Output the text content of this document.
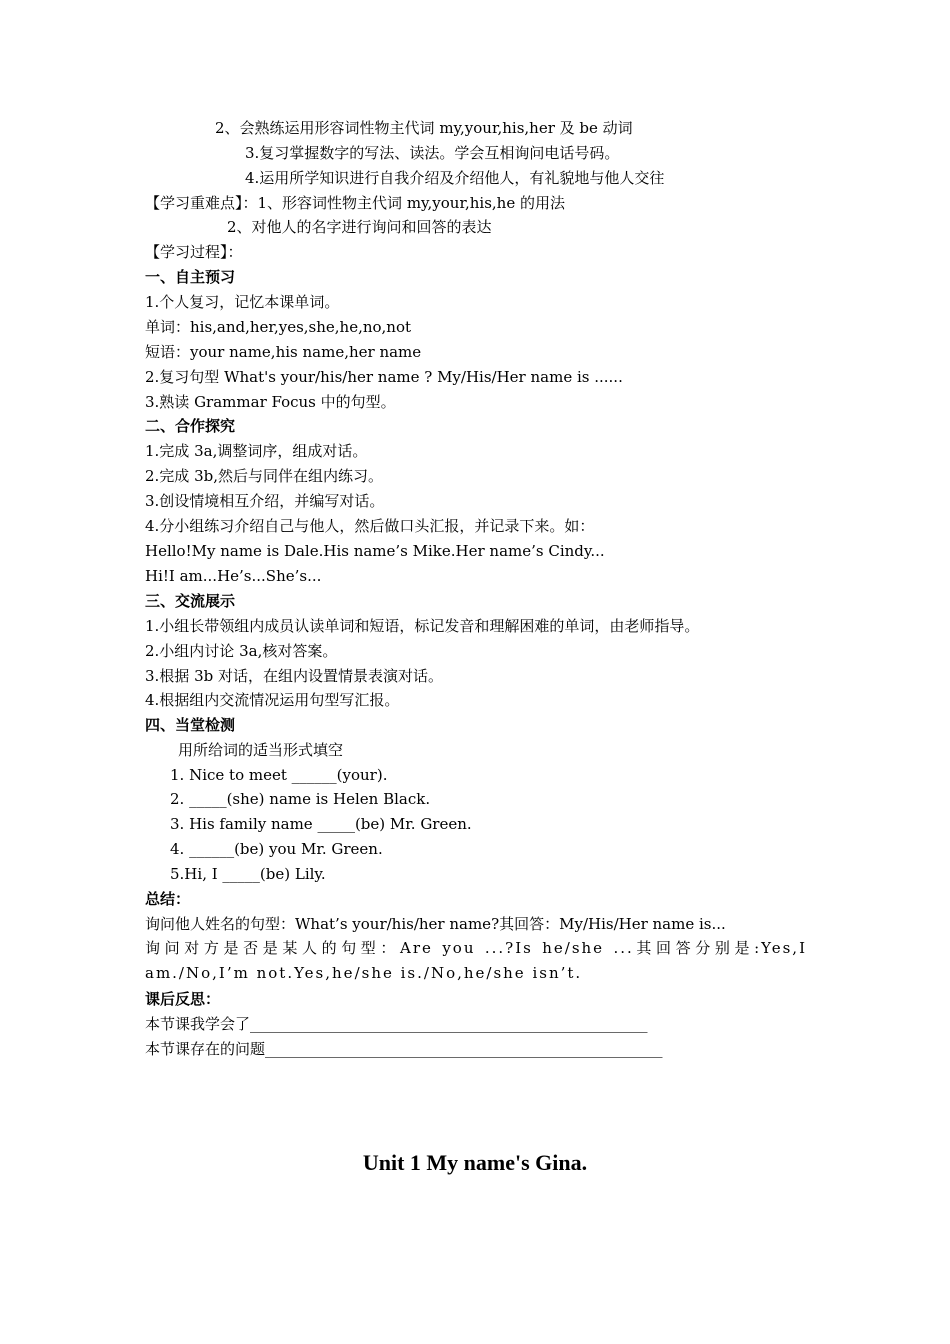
2、会熟练运用形容词性物主代词 my,your,his,her 及 be 动词
3.复习掌握数字的写法、读法。学会互相询问电话号码。
4.运用所学知识进行自我介绍及介绍他人，有礼貌地与他人交往
【学习重难点】：1、形容词性物主代词 my,your,his,he 的用法
2、对他人的名字进行询问和回答的表达
【学习过程】：
一、自主预习
1.个人复习，记忆本课单词。
单词：his,and,her,yes,she,he,no,not
短语：your name,his name,her name
2.复习句型 What's your/his/her name ? My/His/Her name is ......
3.熟读 Grammar Focus 中的句型。
二、合作探究
1.完成 3a,调整词序，组成对话。
2.完成 3b,然后与同伴在组内练习。
3.创设情境相互介绍，并编写对话。
4.分小组练习介绍自己与他人，然后做口头汇报，并记录下来。如：
Hello!My name is Dale.His name’s Mike.Her name’s Cindy...
Hi!I am...He’s...She’s...
三、交流展示
1.小组长带领组内成员认读单词和短语，标记发音和理解困难的单词，由老师指导。
2.小组内讨论 3a,核对答案。
3.根据 3b 对话，在组内设置情景表演对话。
4.根据组内交流情况运用句型写汇报。
四、当堂检测
用所给词的适当形式填空
1. Nice to meet ______(your).
2. _____(she) name is Helen Black.
3. His family name _____(be) Mr. Green.
4. ______(be) you Mr. Green.
5.Hi, I _____(be) Lily.
总结：
询问他人姓名的句型：What’s your/his/her name?其回答：My/His/Her name is...
询问对方是否是某人的句型：Are you ...?Is he/she ...其回答分别是:Yes,I am./No,I’m not.Yes,he/she is./No,he/she isn’t.
课后反思：
本节课我学会了_____________________________________________________
本节课存在的问题_____________________________________________________
Unit 1 My name's Gina.
